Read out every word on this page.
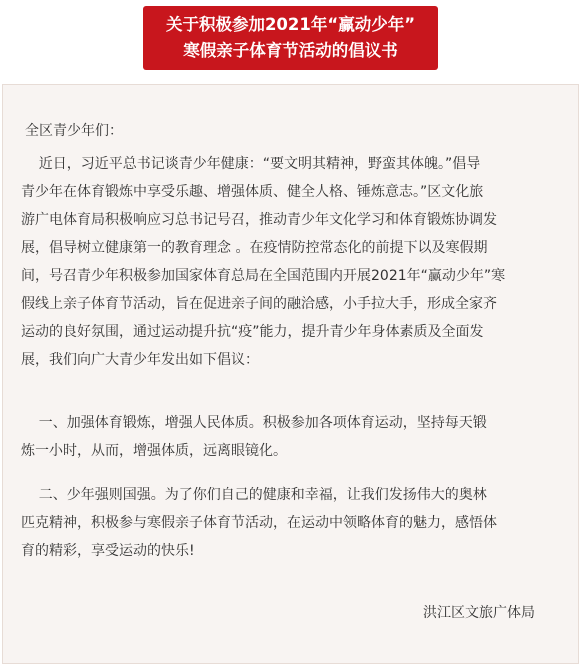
关于积极参加2021年“赢动少年”
寒假亲子体育节活动的倡议书
全区青少年们：
近日，习近平总书记谈青少年健康：“要文明其精神，野蛮其体魄。”倡导
青少年在体育锻炼中享受乐趣、增强体质、健全人格、锤炼意志。”区文化旅
游广电体育局积极响应习总书记号召，推动青少年文化学习和体育锻炼协调发
展，倡导树立健康第一的教育理念 。在疫情防控常态化的前提下以及寒假期
间，号召青少年积极参加国家体育总局在全国范围内开展2021年“赢动少年”寒
假线上亲子体育节活动，旨在促进亲子间的融洽感，小手拉大手，形成全家齐
运动的良好氛围，通过运动提升抗“疫”能力，提升青少年身体素质及全面发
展，我们向广大青少年发出如下倡议：
一、加强体育锻炼，增强人民体质。积极参加各项体育运动，坚持每天锻
炼一小时，从而，增强体质，远离眼镜化。
二、少年强则国强。为了你们自己的健康和幸福，让我们发扬伟大的奥林
匹克精神，积极参与寒假亲子体育节活动，在运动中领略体育的魅力，感悟体
育的精彩，享受运动的快乐!
洪江区文旅广体局
